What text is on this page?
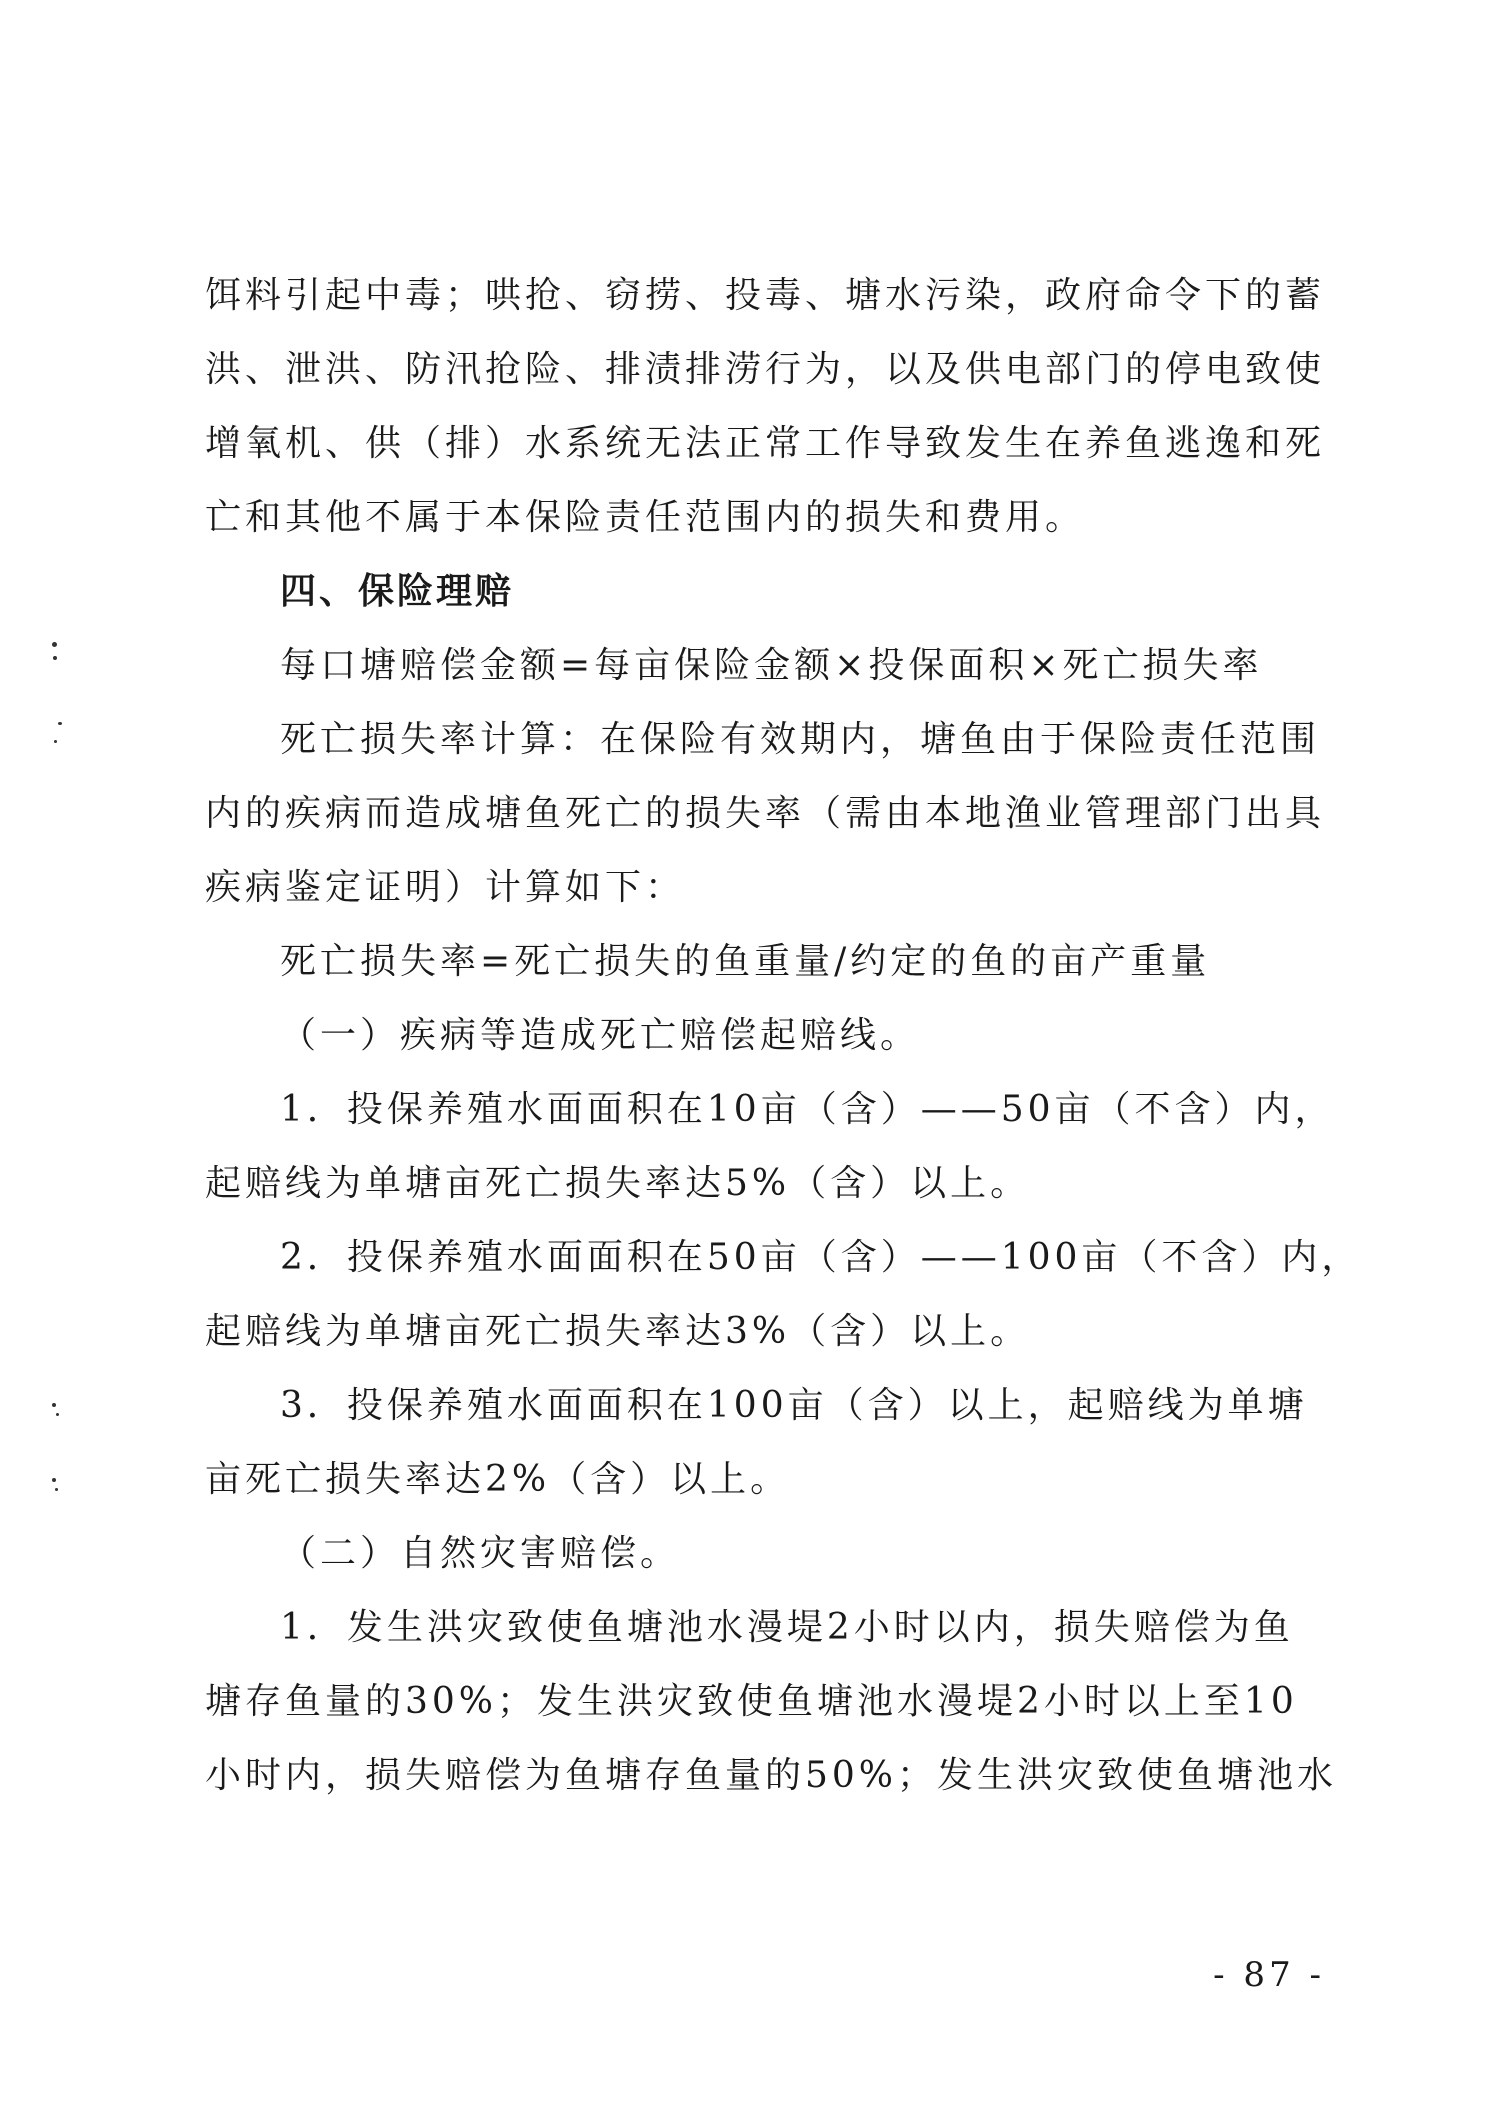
饵料引起中毒；哄抢、窃捞、投毒、塘水污染，政府命令下的蓄
洪、泄洪、防汛抢险、排渍排涝行为，以及供电部门的停电致使
增氧机、供（排）水系统无法正常工作导致发生在养鱼逃逸和死
亡和其他不属于本保险责任范围内的损失和费用。
四、保险理赔
每口塘赔偿金额=每亩保险金额×投保面积×死亡损失率
死亡损失率计算：在保险有效期内，塘鱼由于保险责任范围
内的疾病而造成塘鱼死亡的损失率（需由本地渔业管理部门出具
疾病鉴定证明）计算如下：
死亡损失率=死亡损失的鱼重量/约定的鱼的亩产重量
（一）疾病等造成死亡赔偿起赔线。
1．投保养殖水面面积在10亩（含）——50亩（不含）内，
起赔线为单塘亩死亡损失率达5%（含）以上。
2．投保养殖水面面积在50亩（含）——100亩（不含）内，
起赔线为单塘亩死亡损失率达3%（含）以上。
3．投保养殖水面面积在100亩（含）以上，起赔线为单塘
亩死亡损失率达2%（含）以上。
（二）自然灾害赔偿。
1．发生洪灾致使鱼塘池水漫堤2小时以内，损失赔偿为鱼
塘存鱼量的30%；发生洪灾致使鱼塘池水漫堤2小时以上至10
小时内，损失赔偿为鱼塘存鱼量的50%；发生洪灾致使鱼塘池水
- 87 -
